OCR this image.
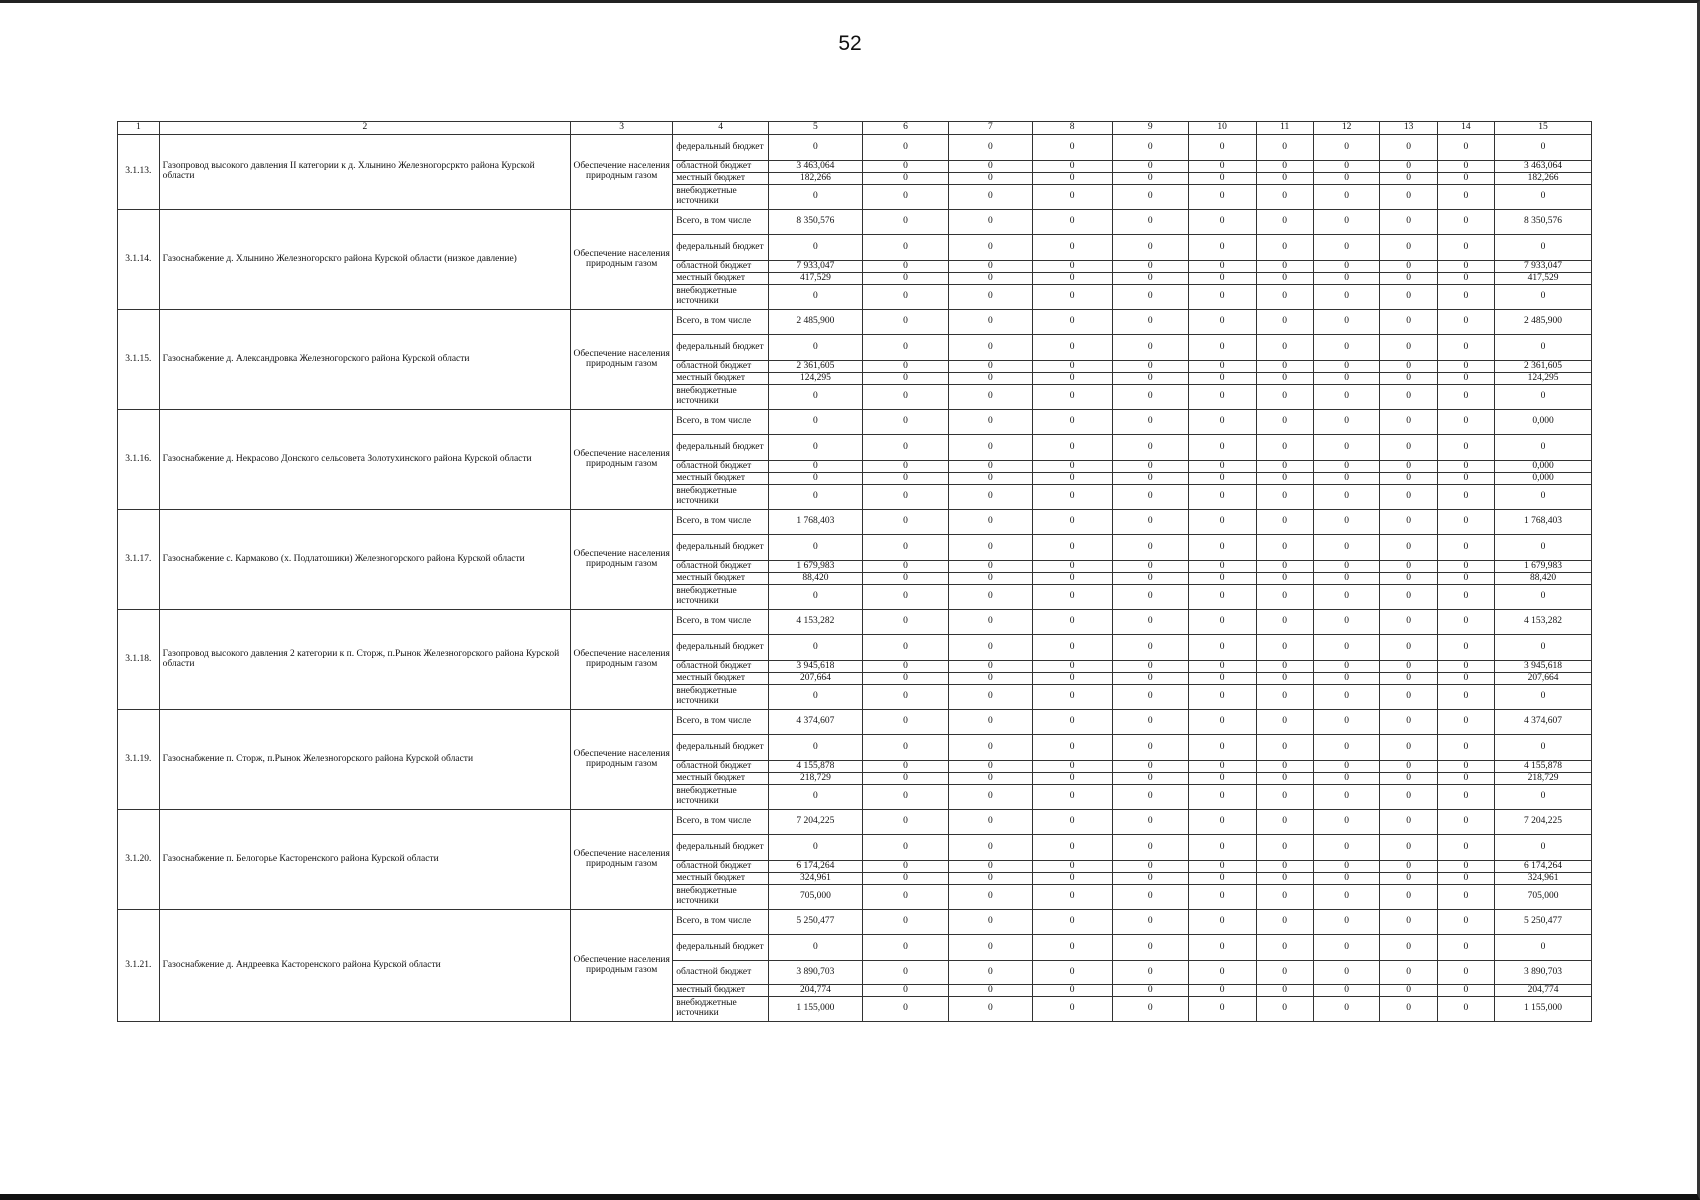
52
1	2	3	4	5	6	7	8	9	10	11	12	13	14	15
3.1.13.	Газопровод высокого давления II категории к д. Хлынино Железногорсркто района Курской области	Обеспечение населения природным газом	федеральный бюджет	0	0	0	0	0	0	0	0	0	0	0
			областной бюджет	3 463,064	0	0	0	0	0	0	0	0	0	3 463,064
			местный бюджет	182,266	0	0	0	0	0	0	0	0	0	182,266
			внебюджетные источники	0	0	0	0	0	0	0	0	0	0	0
3.1.14.	Газоснабжение д. Хлынино Железногорскго района Курской области (низкое давление)	Обеспечение населения природным газом	Всего, в том числе	8 350,576	0	0	0	0	0	0	0	0	0	8 350,576
			федеральный бюджет	0	0	0	0	0	0	0	0	0	0	0
			областной бюджет	7 933,047	0	0	0	0	0	0	0	0	0	7 933,047
			местный бюджет	417,529	0	0	0	0	0	0	0	0	0	417,529
			внебюджетные источники	0	0	0	0	0	0	0	0	0	0	0
3.1.15.	Газоснабжение д. Александровка Железногорского района Курской области	Обеспечение населения природным газом	Всего, в том числе	2 485,900	0	0	0	0	0	0	0	0	0	2 485,900
			федеральный бюджет	0	0	0	0	0	0	0	0	0	0	0
			областной бюджет	2 361,605	0	0	0	0	0	0	0	0	0	2 361,605
			местный бюджет	124,295	0	0	0	0	0	0	0	0	0	124,295
			внебюджетные источники	0	0	0	0	0	0	0	0	0	0	0
3.1.16.	Газоснабжение д. Некрасово Донского сельсовета Золотухинского района Курской области	Обеспечение населения природным газом	Всего, в том числе	0	0	0	0	0	0	0	0	0	0	0,000
			федеральный бюджет	0	0	0	0	0	0	0	0	0	0	0
			областной бюджет	0	0	0	0	0	0	0	0	0	0	0,000
			местный бюджет	0	0	0	0	0	0	0	0	0	0	0,000
			внебюджетные источники	0	0	0	0	0	0	0	0	0	0	0
3.1.17.	Газоснабжение с. Кармаково (х. Подлатошики) Железногорского района Курской области	Обеспечение населения природным газом	Всего, в том числе	1 768,403	0	0	0	0	0	0	0	0	0	1 768,403
			федеральный бюджет	0	0	0	0	0	0	0	0	0	0	0
			областной бюджет	1 679,983	0	0	0	0	0	0	0	0	0	1 679,983
			местный бюджет	88,420	0	0	0	0	0	0	0	0	0	88,420
			внебюджетные источники	0	0	0	0	0	0	0	0	0	0	0
3.1.18.	Газопровод высокого давления 2 категории к п. Сторж, п.Рынок Железногорского района Курской области	Обеспечение населения природным газом	Всего, в том числе	4 153,282	0	0	0	0	0	0	0	0	0	4 153,282
			федеральный бюджет	0	0	0	0	0	0	0	0	0	0	0
			областной бюджет	3 945,618	0	0	0	0	0	0	0	0	0	3 945,618
			местный бюджет	207,664	0	0	0	0	0	0	0	0	0	207,664
			внебюджетные источники	0	0	0	0	0	0	0	0	0	0	0
3.1.19.	Газоснабжение п. Сторж, п.Рынок Железногорского района Курской области	Обеспечение населения природным газом	Всего, в том числе	4 374,607	0	0	0	0	0	0	0	0	0	4 374,607
			федеральный бюджет	0	0	0	0	0	0	0	0	0	0	0
			областной бюджет	4 155,878	0	0	0	0	0	0	0	0	0	4 155,878
			местный бюджет	218,729	0	0	0	0	0	0	0	0	0	218,729
			внебюджетные источники	0	0	0	0	0	0	0	0	0	0	0
3.1.20.	Газоснабжение п. Белогорье Касторенского района Курской области	Обеспечение населения природным газом	Всего, в том числе	7 204,225	0	0	0	0	0	0	0	0	0	7 204,225
			федеральный бюджет	0	0	0	0	0	0	0	0	0	0	0
			областной бюджет	6 174,264	0	0	0	0	0	0	0	0	0	6 174,264
			местный бюджет	324,961	0	0	0	0	0	0	0	0	0	324,961
			внебюджетные источники	705,000	0	0	0	0	0	0	0	0	0	705,000
3.1.21.	Газоснабжение д. Андреевка Касторенского района Курской области	Обеспечение населения природным газом	Всего, в том числе	5 250,477	0	0	0	0	0	0	0	0	0	5 250,477
			федеральный бюджет	0	0	0	0	0	0	0	0	0	0	0
			областной бюджет	3 890,703	0	0	0	0	0	0	0	0	0	3 890,703
			местный бюджет	204,774	0	0	0	0	0	0	0	0	0	204,774
			внебюджетные источники	1 155,000	0	0	0	0	0	0	0	0	0	1 155,000
